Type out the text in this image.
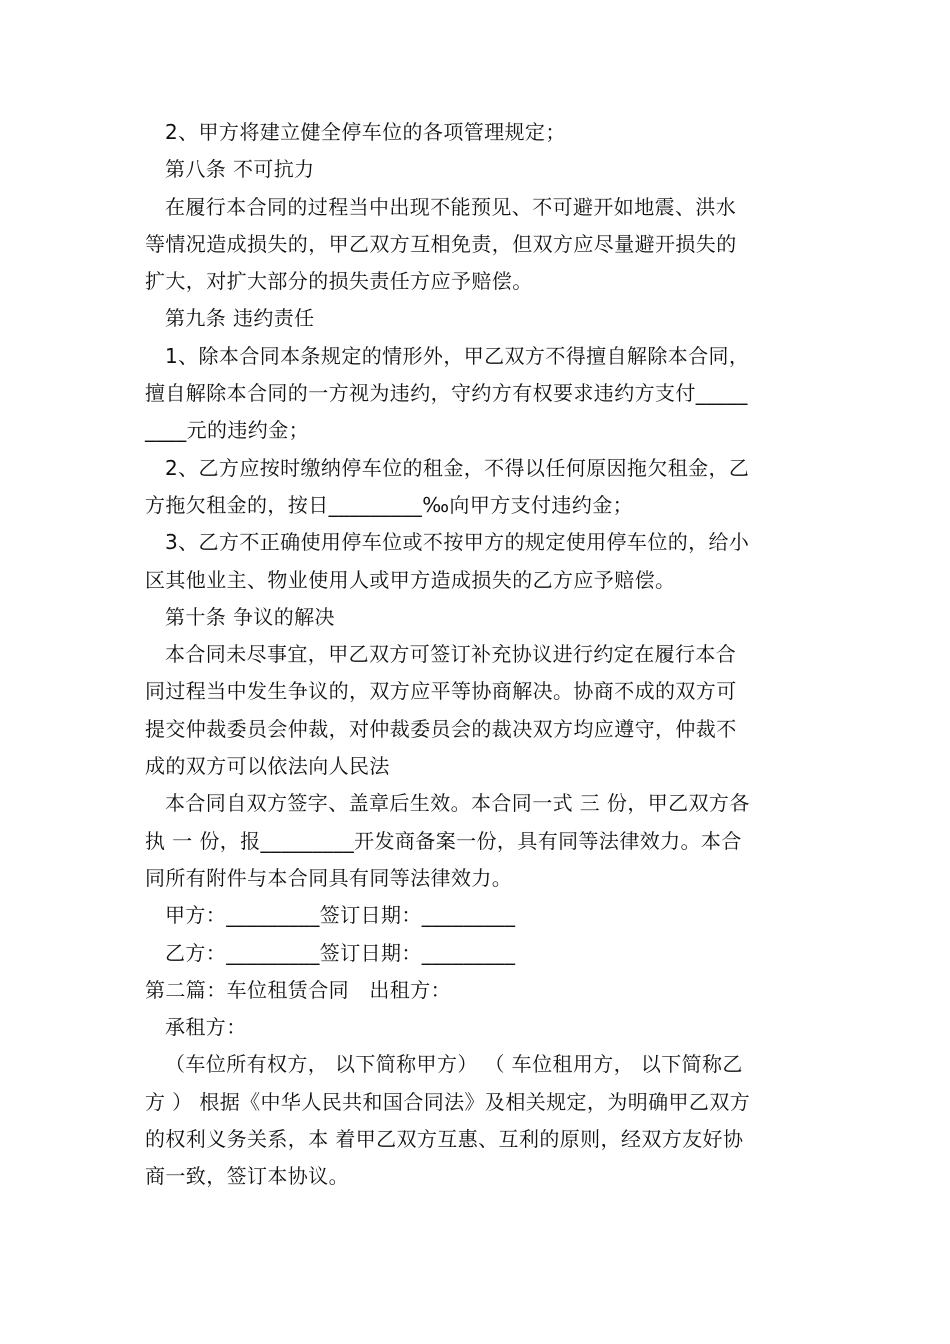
2、甲方将建立健全停车位的各项管理规定；
第八条 不可抗力
在履行本合同的过程当中出现不能预见、不可避开如地震、洪水
等情况造成损失的，甲乙双方互相免责，但双方应尽量避开损失的
扩大，对扩大部分的损失责任方应予赔偿。
第九条 违约责任
1、除本合同本条规定的情形外，甲乙双方不得擅自解除本合同，
擅自解除本合同的一方视为违约，守约方有权要求违约方支付_____
____元的违约金；
2、乙方应按时缴纳停车位的租金，不得以任何原因拖欠租金，乙
方拖欠租金的，按日_________‰向甲方支付违约金；
3、乙方不正确使用停车位或不按甲方的规定使用停车位的，给小
区其他业主、物业使用人或甲方造成损失的乙方应予赔偿。
第十条 争议的解决
本合同未尽事宜，甲乙双方可签订补充协议进行约定在履行本合
同过程当中发生争议的，双方应平等协商解决。协商不成的双方可
提交仲裁委员会仲裁，对仲裁委员会的裁决双方均应遵守，仲裁不
成的双方可以依法向人民法
本合同自双方签字、盖章后生效。本合同一式 三 份，甲乙双方各
执 一 份，报_________开发商备案一份，具有同等法律效力。本合
同所有附件与本合同具有同等法律效力。
甲方：_________签订日期：_________
乙方：_________签订日期：_________
第二篇：车位租赁合同　出租方：
承租方：
（车位所有权方， 以下简称甲方） （ 车位租用方， 以下简称乙
方 ） 根据《中华人民共和国合同法》及相关规定，为明确甲乙双方
的权利义务关系，本 着甲乙双方互惠、互利的原则，经双方友好协
商一致，签订本协议。
